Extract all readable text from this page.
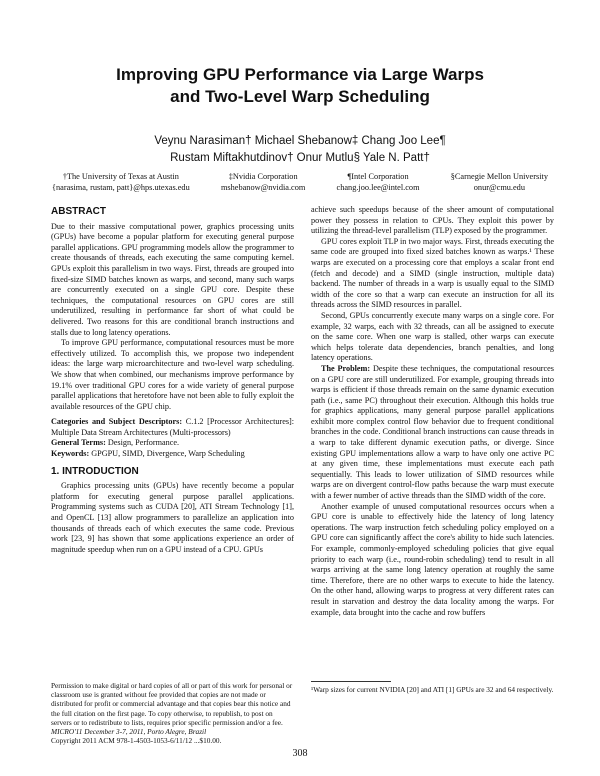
Improving GPU Performance via Large Warps
and Two-Level Warp Scheduling
Veynu Narasiman† Michael Shebanow‡ Chang Joo Lee¶
Rustam Miftakhutdinov† Onur Mutlu§ Yale N. Patt†
†The University of Texas at Austin
{narasima, rustam, patt}@hps.utexas.edu
‡Nvidia Corporation
mshebanow@nvidia.com
¶Intel Corporation
chang.joo.lee@intel.com
§Carnegie Mellon University
onur@cmu.edu
ABSTRACT

Due to their massive computational power, graphics processing units (GPUs) have become a popular platform for executing general purpose parallel applications. GPU programming models allow the programmer to create thousands of threads, each executing the same computing kernel. GPUs exploit this parallelism in two ways. First, threads are grouped into fixed-size SIMD batches known as warps, and second, many such warps are concurrently executed on a single GPU core. Despite these techniques, the computational resources on GPU cores are still underutilized, resulting in performance far short of what could be delivered. Two reasons for this are conditional branch instructions and stalls due to long latency operations.

To improve GPU performance, computational resources must be more effectively utilized. To accomplish this, we propose two independent ideas: the large warp microarchitecture and two-level warp scheduling. We show that when combined, our mechanisms improve performance by 19.1% over traditional GPU cores for a wide variety of general purpose parallel applications that heretofore have not been able to fully exploit the available resources of the GPU chip.

Categories and Subject Descriptors: C.1.2 [Processor Architectures]: Multiple Data Stream Architectures (Multi-processors)

General Terms: Design, Performance.

Keywords: GPGPU, SIMD, Divergence, Warp Scheduling

1. INTRODUCTION

Graphics processing units (GPUs) have recently become a popular platform for executing general purpose parallel applications. Programming systems such as CUDA [20], ATI Stream Technology [1], and OpenCL [13] allow programmers to parallelize an application into thousands of threads each of which executes the same code. Previous work [23, 9] has shown that some applications experience an order of magnitude speedup when run on a GPU instead of a CPU. GPUs

Permission to make digital or hard copies of all or part of this work for personal or classroom use is granted without fee provided that copies are not made or distributed for profit or commercial advantage and that copies bear this notice and the full citation on the first page. To copy otherwise, to republish, to post on servers or to redistribute to lists, requires prior specific permission and/or a fee.

MICRO'11 December 3-7, 2011, Porto Alegre, Brazil

Copyright 2011 ACM 978-1-4503-1053-6/11/12 ...$10.00.

achieve such speedups because of the sheer amount of computational power they possess in relation to CPUs. They exploit this power by utilizing the thread-level parallelism (TLP) exposed by the programmer.

GPU cores exploit TLP in two major ways. First, threads executing the same code are grouped into fixed sized batches known as warps.¹ These warps are executed on a processing core that employs a scalar front end (fetch and decode) and a SIMD (single instruction, multiple data) backend. The number of threads in a warp is usually equal to the SIMD width of the core so that a warp can execute an instruction for all its threads across the SIMD resources in parallel.

Second, GPUs concurrently execute many warps on a single core. For example, 32 warps, each with 32 threads, can all be assigned to execute on the same core. When one warp is stalled, other warps can execute which helps tolerate data dependencies, branch penalties, and long latency operations.

The Problem: Despite these techniques, the computational resources on a GPU core are still underutilized. For example, grouping threads into warps is efficient if those threads remain on the same dynamic execution path (i.e., same PC) throughout their execution. Although this holds true for graphics applications, many general purpose parallel applications exhibit more complex control flow behavior due to frequent conditional branches in the code. Conditional branch instructions can cause threads in a warp to take different dynamic execution paths, or diverge. Since existing GPU implementations allow a warp to have only one active PC at any given time, these implementations must execute each path sequentially. This leads to lower utilization of SIMD resources while warps are on divergent control-flow paths because the warp must execute with a fewer number of active threads than the SIMD width of the core.

Another example of unused computational resources occurs when a GPU core is unable to effectively hide the latency of long latency operations. The warp instruction fetch scheduling policy employed on a GPU core can significantly affect the core's ability to hide such latencies. For example, commonly-employed scheduling policies that give equal priority to each warp (i.e., round-robin scheduling) tend to result in all warps arriving at the same long latency operation at roughly the same time. Therefore, there are no other warps to execute to hide the latency. On the other hand, allowing warps to progress at very different rates can result in starvation and destroy the data locality among the warps. For example, data brought into the cache and row buffers

¹Warp sizes for current NVIDIA [20] and ATI [1] GPUs are 32 and 64 respectively.
308
